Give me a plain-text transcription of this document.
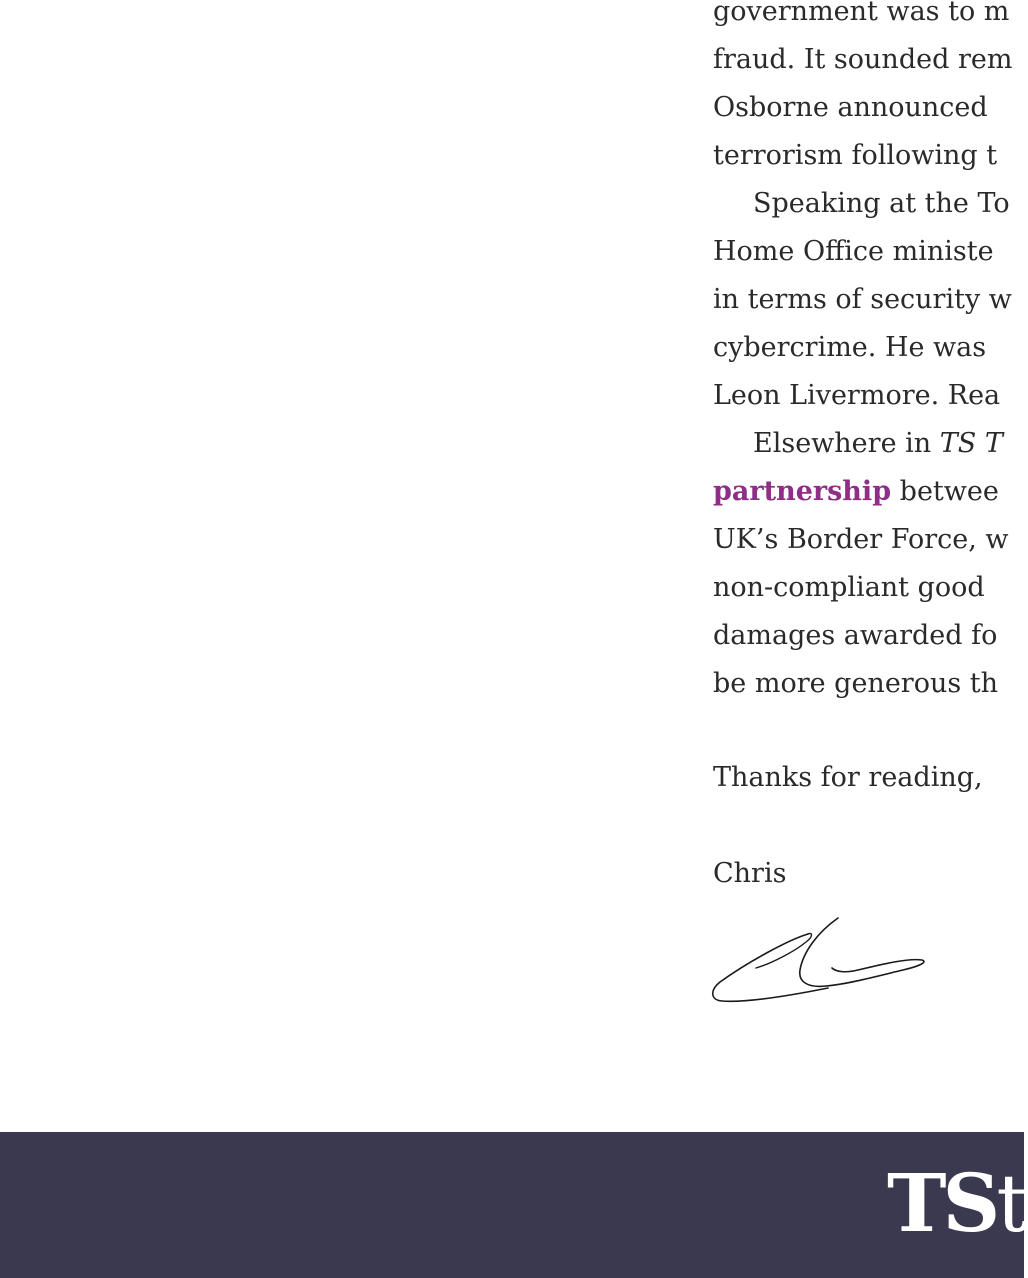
government was to m
fraud. It sounded rem
Osborne announced
terrorism following t
Speaking at the To
Home Office ministe
in terms of security w
cybercrime. He was
Leon Livermore. Rea
Elsewhere in TS T
partnership betwee
UK’s Border Force, w
non-compliant good
damages awarded fo
be more generous th
Thanks for reading,
Chris
TSt
